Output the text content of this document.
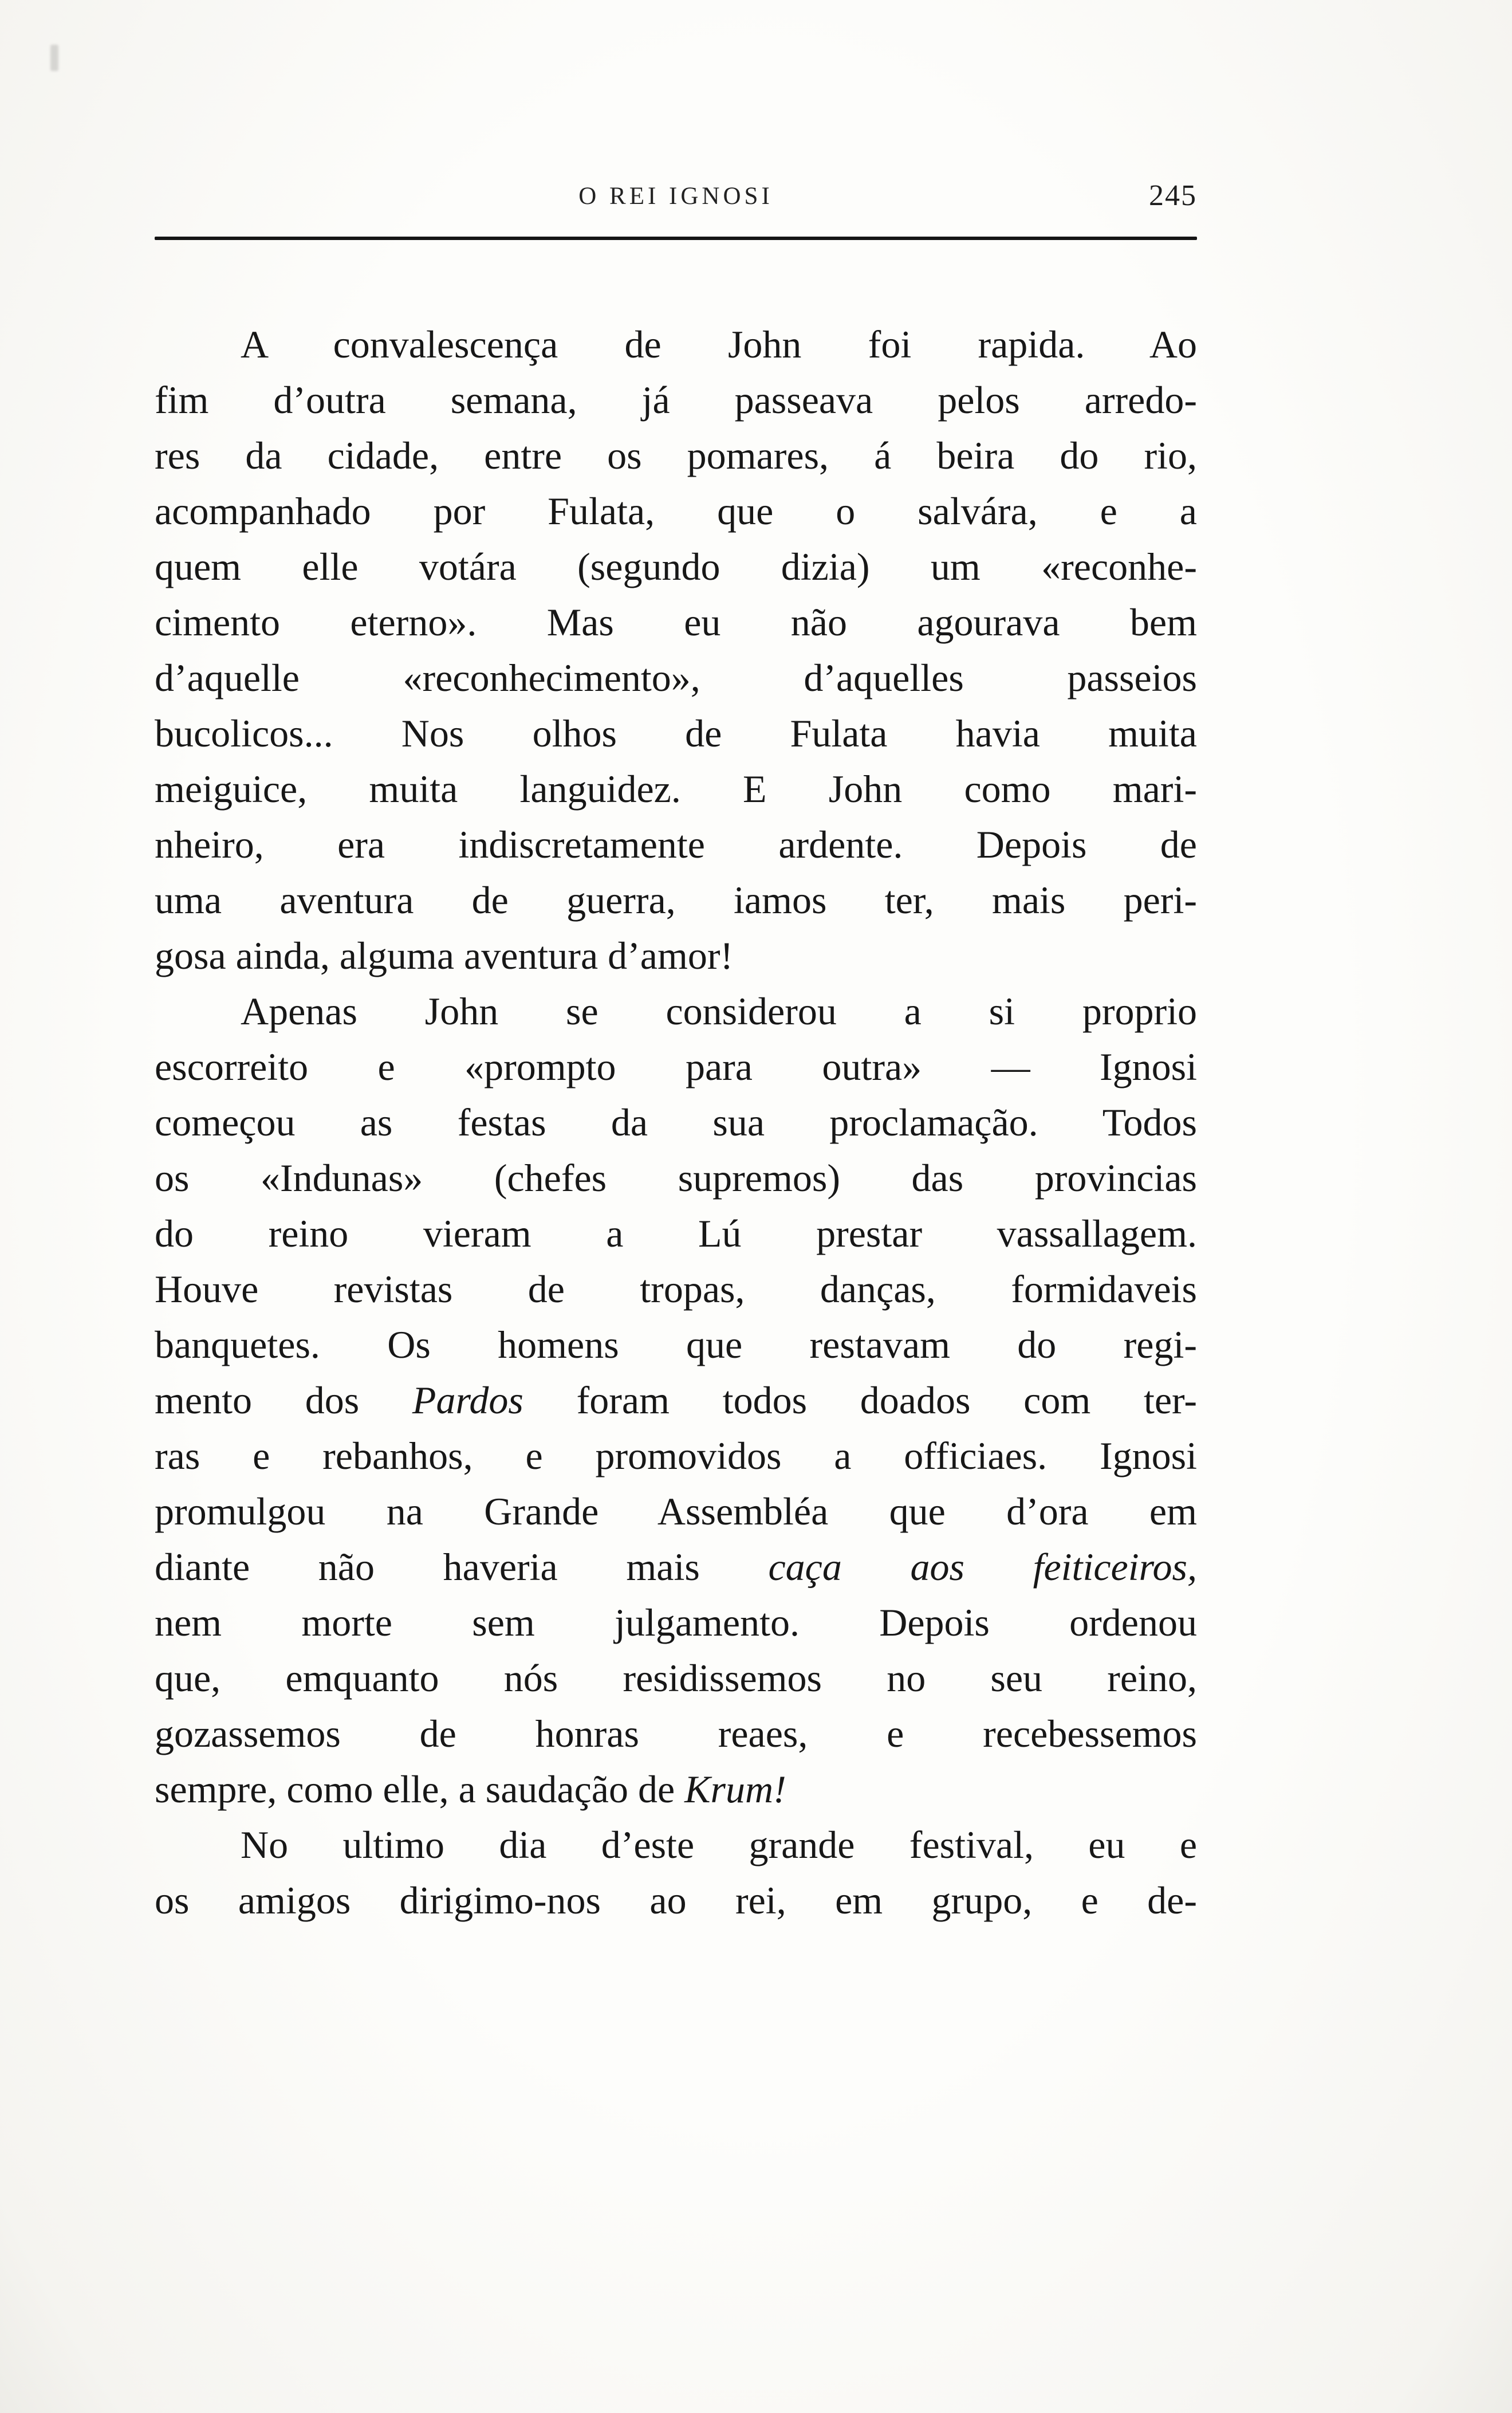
O REI IGNOSI	245
A convalescença de John foi rapida. Ao
fim d’outra semana, já passeava pelos arredo-
res da cidade, entre os pomares, á beira do rio,
acompanhado por Fulata, que o salvára, e a
quem elle votára (segundo dizia) um «reconhe-
cimento eterno». Mas eu não agourava bem
d’aquelle «reconhecimento», d’aquelles passeios
bucolicos... Nos olhos de Fulata havia muita
meiguice, muita languidez. E John como mari-
nheiro, era indiscretamente ardente. Depois de
uma aventura de guerra, iamos ter, mais peri-
gosa ainda, alguma aventura d’amor!
Apenas John se considerou a si proprio
escorreito e «prompto para outra» — Ignosi
começou as festas da sua proclamação. Todos
os «Indunas» (chefes supremos) das provincias
do reino vieram a Lú prestar vassallagem.
Houve revistas de tropas, danças, formidaveis
banquetes. Os homens que restavam do regi-
mento dos Pardos foram todos doados com ter-
ras e rebanhos, e promovidos a officiaes. Ignosi
promulgou na Grande Assembléa que d’ora em
diante não haveria mais caça aos feiticeiros,
nem morte sem julgamento. Depois ordenou
que, emquanto nós residissemos no seu reino,
gozassemos de honras reaes, e recebessemos
sempre, como elle, a saudação de Krum!
No ultimo dia d’este grande festival, eu e
os amigos dirigimo-nos ao rei, em grupo, e de-
